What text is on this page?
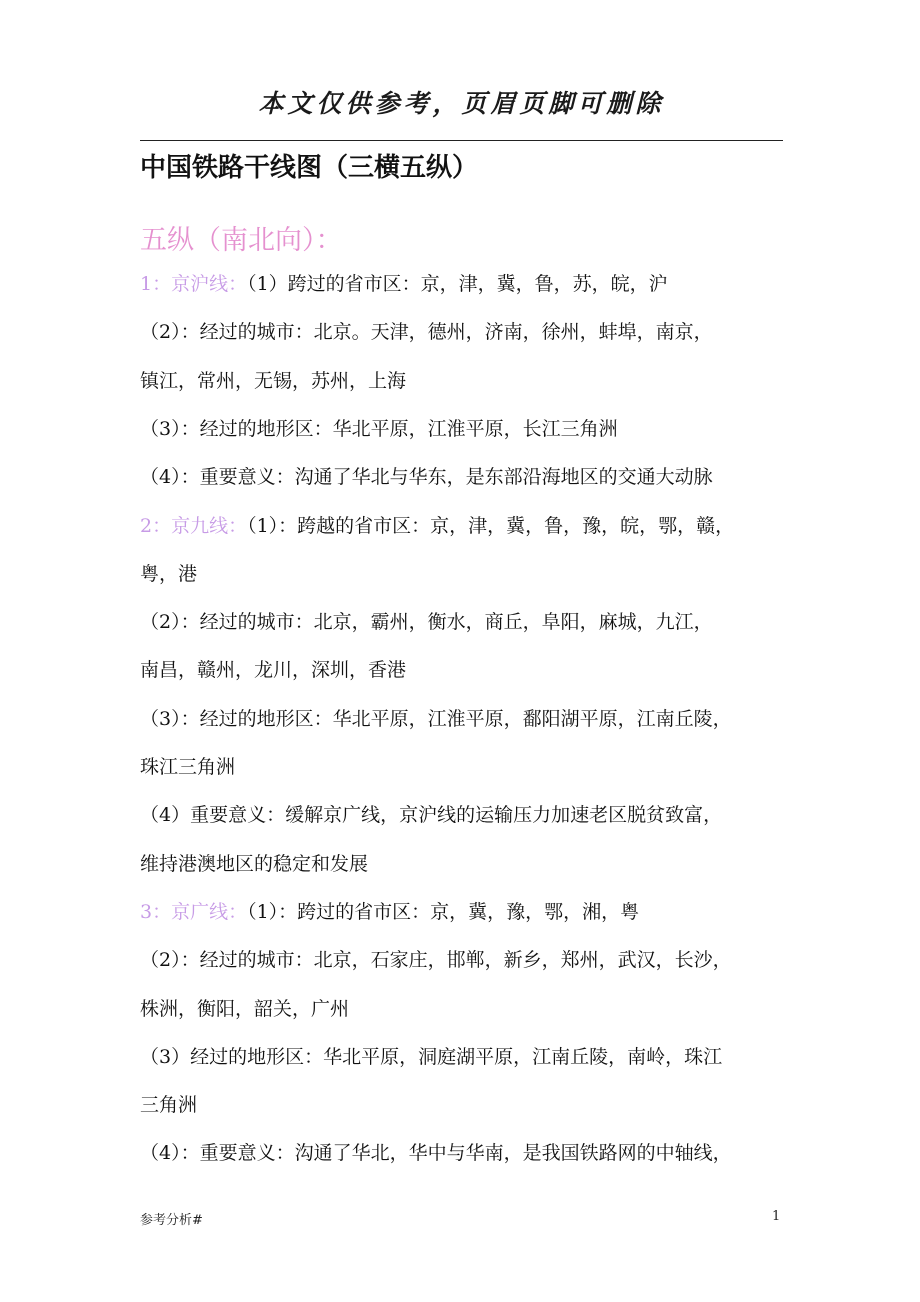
本文仅供参考，页眉页脚可删除
中国铁路干线图（三横五纵）
五纵（南北向）：
1：京沪线：（1）跨过的省市区：京，津，冀，鲁，苏，皖，沪
（2）：经过的城市：北京。天津，德州，济南，徐州，蚌埠，南京，
镇江，常州，无锡，苏州，上海
（3）：经过的地形区：华北平原，江淮平原，长江三角洲
（4）：重要意义：沟通了华北与华东，是东部沿海地区的交通大动脉
2：京九线：（1）：跨越的省市区：京，津，冀，鲁，豫，皖，鄂，赣，
粤，港
（2）：经过的城市：北京，霸州，衡水，商丘，阜阳，麻城，九江，
南昌，赣州，龙川，深圳，香港
（3）：经过的地形区：华北平原，江淮平原，鄱阳湖平原，江南丘陵，
珠江三角洲
（4）重要意义：缓解京广线，京沪线的运输压力加速老区脱贫致富，
维持港澳地区的稳定和发展
3：京广线：（1）：跨过的省市区：京，冀，豫，鄂，湘，粤
（2）：经过的城市：北京，石家庄，邯郸，新乡，郑州，武汉，长沙，
株洲，衡阳，韶关，广州
（3）经过的地形区：华北平原，洞庭湖平原，江南丘陵，南岭，珠江
三角洲
（4）：重要意义：沟通了华北，华中与华南，是我国铁路网的中轴线，
参考分析#	1
